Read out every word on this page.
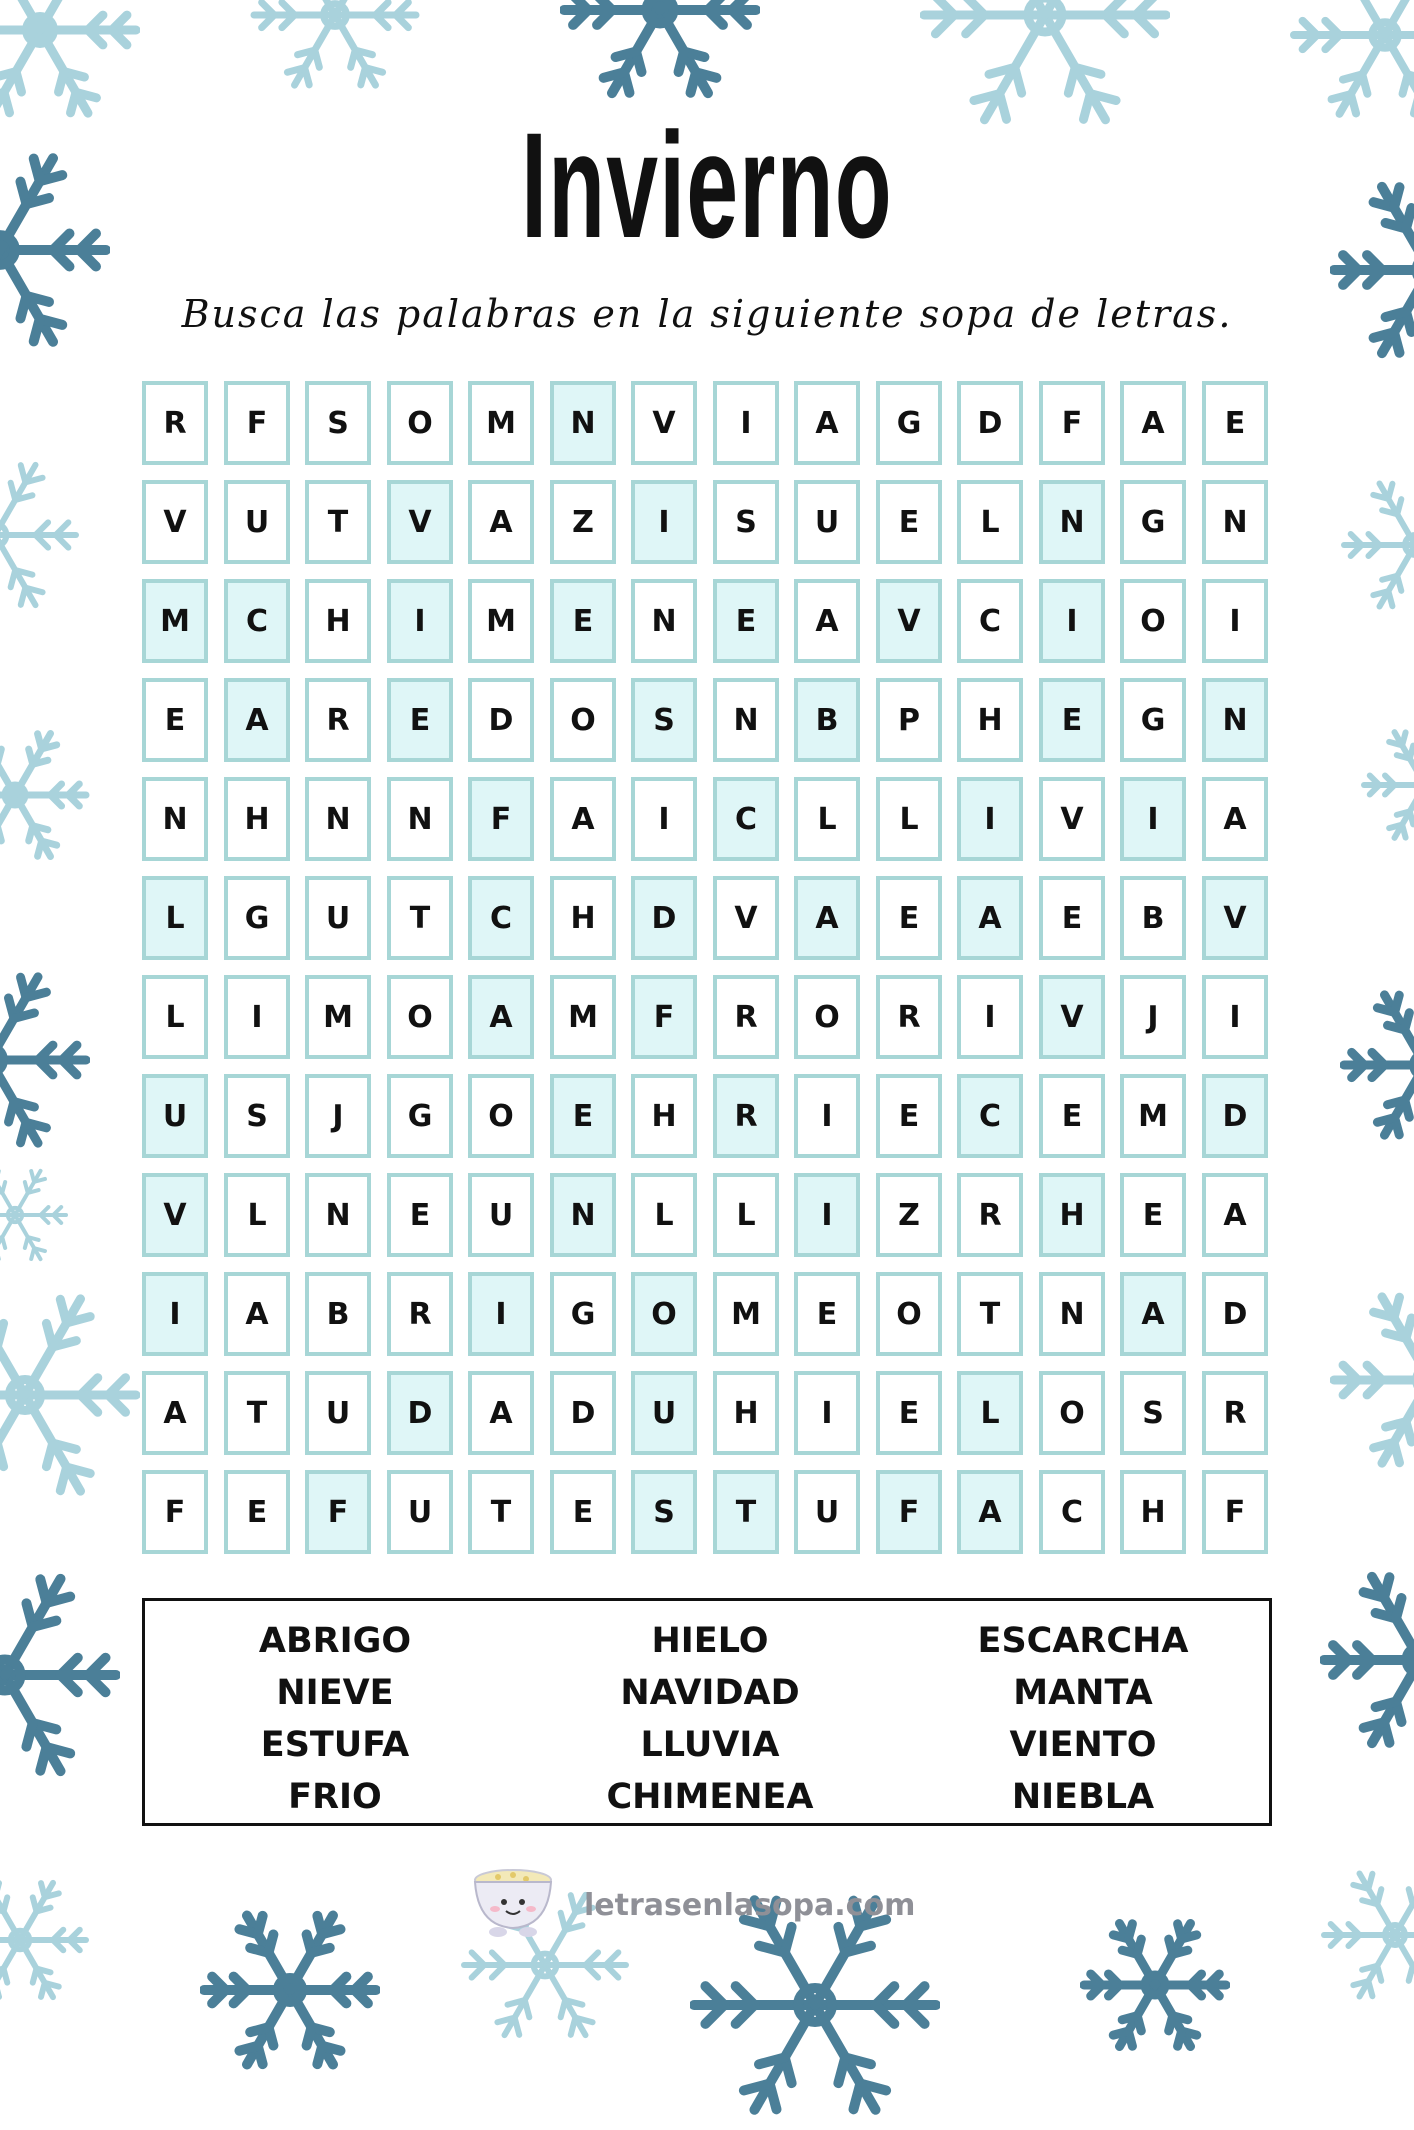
Invierno
Busca las palabras en la siguiente sopa de letras.
R	F	S	O	M	N	V	I	A	G	D	F	A	E
V	U	T	V	A	Z	I	S	U	E	L	N	G	N
M	C	H	I	M	E	N	E	A	V	C	I	O	I
E	A	R	E	D	O	S	N	B	P	H	E	G	N
N	H	N	N	F	A	I	C	L	L	I	V	I	A
L	G	U	T	C	H	D	V	A	E	A	E	B	V
L	I	M	O	A	M	F	R	O	R	I	V	J	I
U	S	J	G	O	E	H	R	I	E	C	E	M	D
V	L	N	E	U	N	L	L	I	Z	R	H	E	A
I	A	B	R	I	G	O	M	E	O	T	N	A	D
A	T	U	D	A	D	U	H	I	E	L	O	S	R
F	E	F	U	T	E	S	T	U	F	A	C	H	F
ABRIGO
NIEVE
ESTUFA
FRIO
HIELO
NAVIDAD
LLUVIA
CHIMENEA
ESCARCHA
MANTA
VIENTO
NIEBLA
letrasenlasopa.com
